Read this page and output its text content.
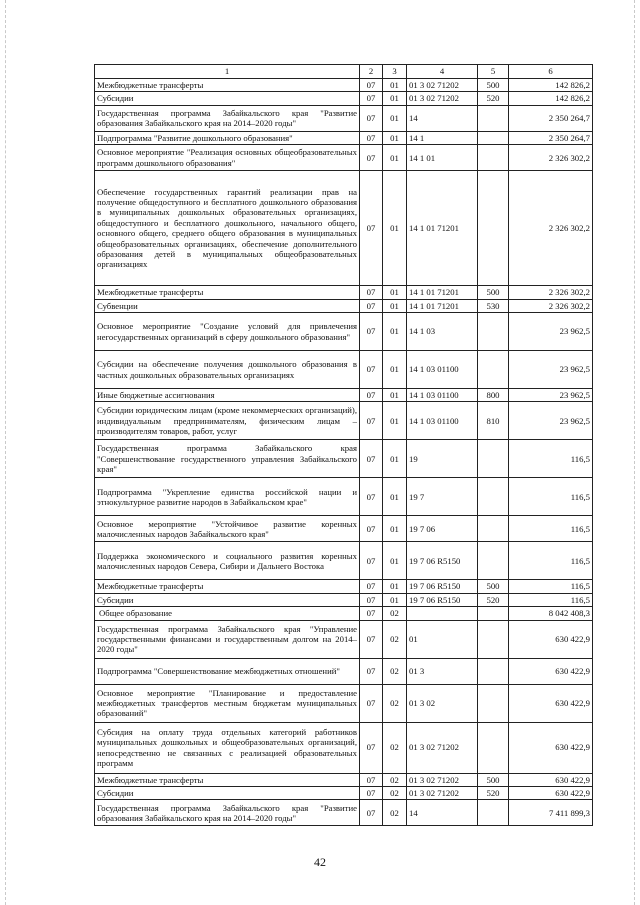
1	2	3	4	5	6
Межбюджетные трансферты	07	01	01 3 02 71202	500	142 826,2
Субсидии	07	01	01 3 02 71202	520	142 826,2
Государственная программа Забайкальского края "Развитие образования Забайкальского края на 2014–2020 годы"	07	01	14		2 350 264,7
Подпрограмма "Развитие дошкольного образования"	07	01	14 1		2 350 264,7
Основное мероприятие "Реализация основных общеобразовательных программ дошкольного образования"	07	01	14 1 01		2 326 302,2
Обеспечение государственных гарантий реализации прав на получение общедоступного и бесплатного дошкольного образования в муниципальных дошкольных образовательных организациях, общедоступного и бесплатного дошкольного, начального общего, основного общего, среднего общего образования в муниципальных общеобразовательных организациях, обеспечение дополнительного образования детей в муниципальных общеобразовательных организациях	07	01	14 1 01 71201		2 326 302,2
Межбюджетные трансферты	07	01	14 1 01 71201	500	2 326 302,2
Субвенции	07	01	14 1 01 71201	530	2 326 302,2
Основное мероприятие "Создание условий для привлечения негосударственных организаций в сферу дошкольного образования"	07	01	14 1 03		23 962,5
Субсидии на обеспечение получения дошкольного образования в частных дошкольных образовательных организациях	07	01	14 1 03 01100		23 962,5
Иные бюджетные ассигнования	07	01	14 1 03 01100	800	23 962,5
Субсидии юридическим лицам (кроме некоммерческих организаций), индивидуальным предпринимателям, физическим лицам – производителям товаров, работ, услуг	07	01	14 1 03 01100	810	23 962,5
Государственная программа Забайкальского края "Совершенствование государственного управления Забайкальского края"	07	01	19		116,5
Подпрограмма "Укрепление единства российской нации и этнокультурное развитие народов в Забайкальском крае"	07	01	19 7		116,5
Основное мероприятие "Устойчивое развитие коренных малочисленных народов Забайкальского края"	07	01	19 7 06		116,5
Поддержка экономического и социального развития коренных малочисленных народов Севера, Сибири и Дальнего Востока	07	01	19 7 06 R5150		116,5
Межбюджетные трансферты	07	01	19 7 06 R5150	500	116,5
Субсидии	07	01	19 7 06 R5150	520	116,5
Общее образование	07	02			8 042 408,3
Государственная программа Забайкальского края "Управление государственными финансами и государственным долгом на 2014–2020 годы"	07	02	01		630 422,9
Подпрограмма "Совершенствование межбюджетных отношений"	07	02	01 3		630 422,9
Основное мероприятие "Планирование и предоставление межбюджетных трансфертов местным бюджетам муниципальных образований"	07	02	01 3 02		630 422,9
Субсидия на оплату труда отдельных категорий работников муниципальных дошкольных и общеобразовательных организаций, непосредственно не связанных с реализацией образовательных программ	07	02	01 3 02 71202		630 422,9
Межбюджетные трансферты	07	02	01 3 02 71202	500	630 422,9
Субсидии	07	02	01 3 02 71202	520	630 422,9
Государственная программа Забайкальского края "Развитие образования Забайкальского края на 2014–2020 годы"	07	02	14		7 411 899,3
42
